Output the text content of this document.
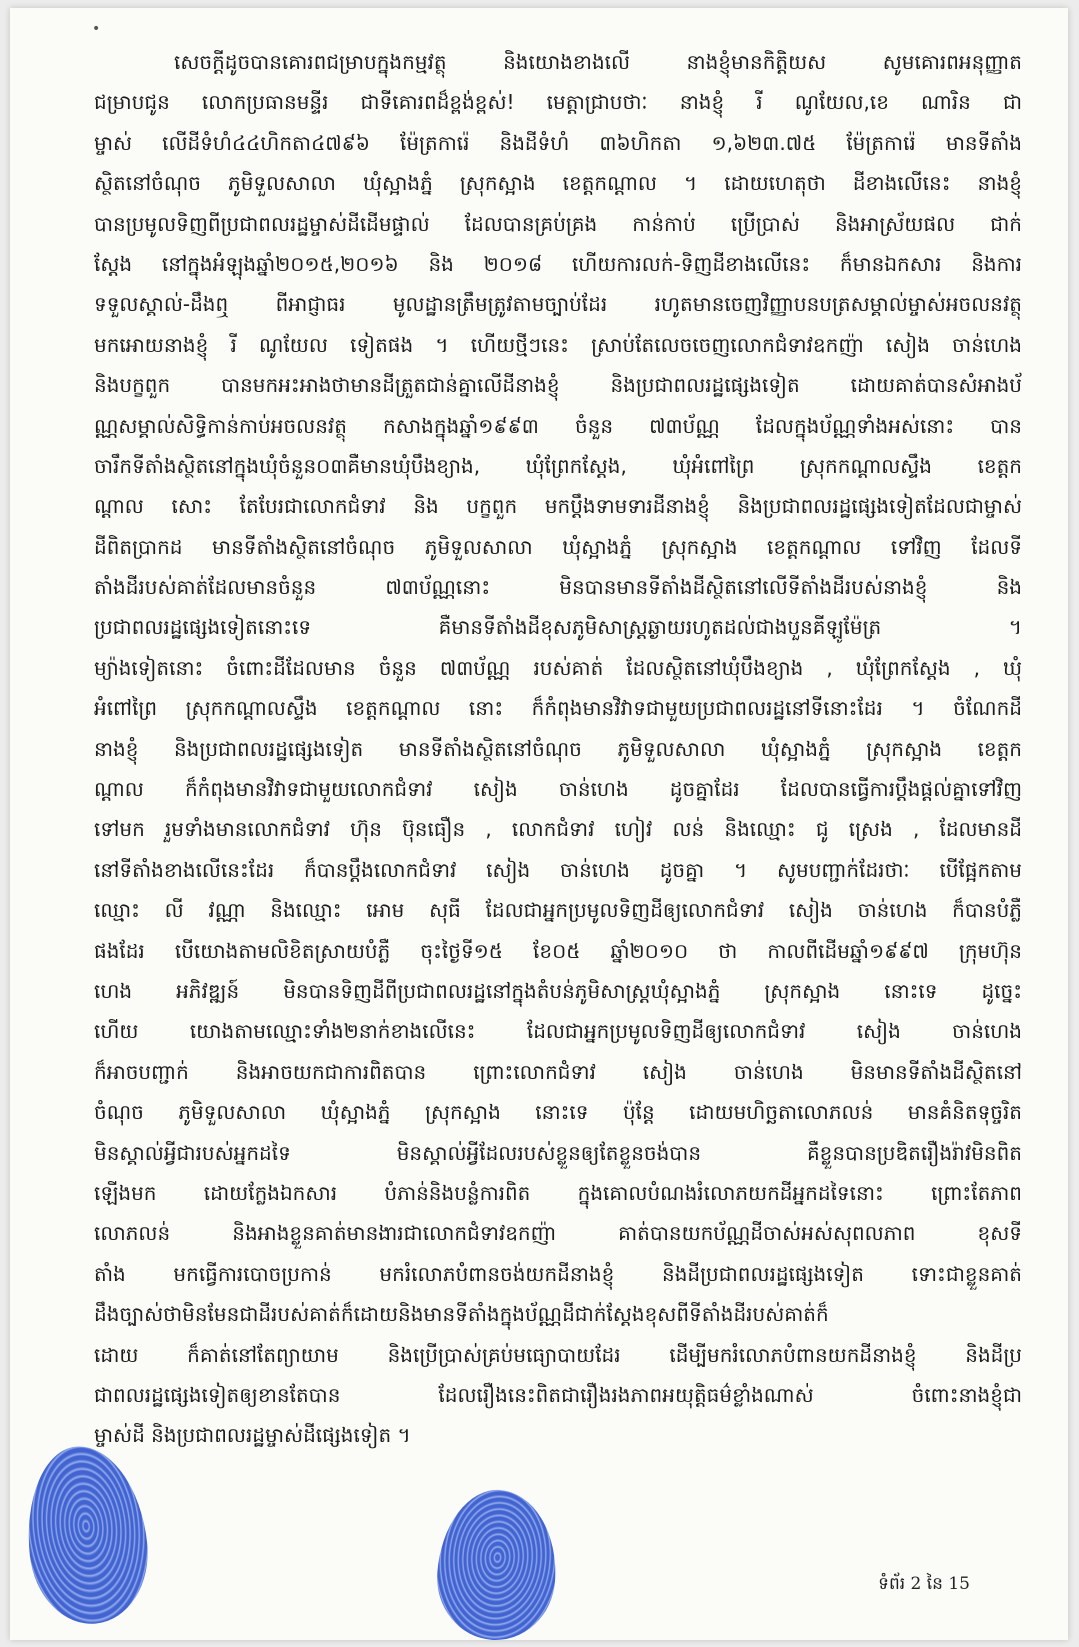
•
សេចក្តីដូចបានគោរពជម្រាបក្នុងកម្មវត្ថុ និងយោងខាងលើ នាងខ្ញុំមានកិត្តិយស សូមគោរពអនុញ្ញាត
ជម្រាបជូន លោកប្រធានមន្ទីរ ជាទីគោរពដ៏ខ្ពង់ខ្ពស់! មេត្តាជ្រាបថាៈ នាងខ្ញុំ រី ណូយែល,ខេ ណារិន ជា
ម្ចាស់ លើដីទំហំ៤៤ហិកតា៤៧៩៦ ម៉ែត្រការ៉េ និងដីទំហំ ៣៦ហិកតា ១,៦២៣.៧៥ ម៉ែត្រការ៉េ មានទីតាំង
ស្ថិតនៅចំណុច ភូមិទួលសាលា ឃុំស្អាងភ្នំ ស្រុកស្អាង ខេត្តកណ្តាល ។ ដោយហេតុថា ដីខាងលើនេះ នាងខ្ញុំ
បានប្រមូលទិញពីប្រជាពលរដ្ឋម្ចាស់ដីដើមផ្ទាល់ ដែលបានគ្រប់គ្រង កាន់កាប់ ប្រើប្រាស់ និងអាស្រ័យផល ជាក់
ស្តែង នៅក្នុងអំឡុងឆ្នាំ២០១៥,២០១៦ និង ២០១៨ ហើយការលក់-ទិញដីខាងលើនេះ ក៏មានឯកសារ និងការ
ទទួលស្គាល់-ដឹងឮ ពីអាជ្ញាធរ មូលដ្ឋានត្រឹមត្រូវតាមច្បាប់ដែរ រហូតមានចេញវិញ្ញាបនបត្រសម្គាល់ម្ចាស់អចលនវត្ថុ
មកអោយនាងខ្ញុំ រី ណូយែល ទៀតផង ។ ហើយថ្មីៗនេះ ស្រាប់តែលេចចេញលោកជំទាវឧកញ៉ា សៀង ចាន់ហេង
និងបក្ខពួក បានមកអះអាងថាមានដីត្រួតជាន់គ្នាលើដីនាងខ្ញុំ និងប្រជាពលរដ្ឋផ្សេងទៀត ដោយគាត់បានសំអាងប័
ណ្ណសម្គាល់សិទ្ធិកាន់កាប់អចលនវត្ថុ កសាងក្នុងឆ្នាំ១៩៩៣ ចំនួន ៧៣ប័ណ្ណ ដែលក្នុងប័ណ្ណទាំងអស់នោះ បាន
ចារឹកទីតាំងស្ថិតនៅក្នុងឃុំចំនួន០៣គឺមានឃុំបឹងខ្យាង, ឃុំព្រែកស្តែង, ឃុំអំពៅព្រៃ ស្រុកកណ្តាលស្ទឹង ខេត្តក
ណ្តាល សោះ តែបែរជាលោកជំទាវ និង បក្ខពួក មកប្តឹងទាមទារដីនាងខ្ញុំ និងប្រជាពលរដ្ឋផ្សេងទៀតដែលជាម្ចាស់
ដីពិតប្រាកដ មានទីតាំងស្ថិតនៅចំណុច ភូមិទួលសាលា ឃុំស្អាងភ្នំ ស្រុកស្អាង ខេត្តកណ្តាល ទៅវិញ ដែលទី
តាំងដីរបស់គាត់ដែលមានចំនួន ៧៣ប័ណ្ណនោះ មិនបានមានទីតាំងដីស្ថិតនៅលើទីតាំងដីរបស់នាងខ្ញុំ និង
ប្រជាពលរដ្ឋផ្សេងទៀតនោះទេ គឺមានទីតាំងដីខុសភូមិសាស្ត្រឆ្ងាយរហូតដល់ជាងបួនគីឡូម៉ែត្រ ។
ម្យ៉ាងទៀតនោះ ចំពោះដីដែលមាន ចំនួន ៧៣ប័ណ្ណ របស់គាត់ ដែលស្ថិតនៅឃុំបឹងខ្យាង , ឃុំព្រែកស្តែង , ឃុំ
អំពៅព្រៃ ស្រុកកណ្តាលស្ទឹង ខេត្តកណ្តាល នោះ ក៏កំពុងមានវិវាទជាមួយប្រជាពលរដ្ឋនៅទីនោះដែរ ។ ចំណែកដី
នាងខ្ញុំ និងប្រជាពលរដ្ឋផ្សេងទៀត មានទីតាំងស្ថិតនៅចំណុច ភូមិទួលសាលា ឃុំស្អាងភ្នំ ស្រុកស្អាង ខេត្តក
ណ្តាល ក៏កំពុងមានវិវាទជាមួយលោកជំទាវ សៀង ចាន់ហេង ដូចគ្នាដែរ ដែលបានធ្វើការប្តឹងផ្តល់គ្នាទៅវិញ
ទៅមក រួមទាំងមានលោកជំទាវ ហ៊ុន ប៊ុនធឿន , លោកជំទាវ ហៀវ លន់ និងឈ្មោះ ជូ ស្រេង , ដែលមានដី
នៅទីតាំងខាងលើនេះដែរ ក៏បានប្តឹងលោកជំទាវ សៀង ចាន់ហេង ដូចគ្នា ។ សូមបញ្ជាក់ដែរថាៈ បើផ្អែកតាម
ឈ្មោះ លី វណ្ណា និងឈ្មោះ អោម សុធី ដែលជាអ្នកប្រមូលទិញដីឲ្យលោកជំទាវ សៀង ចាន់ហេង ក៏បានបំភ្លឺ
ផងដែរ បើយោងតាមលិខិតស្រាយបំភ្លឺ ចុះថ្ងៃទី១៥ ខែ០៥ ឆ្នាំ២០១០ ថា កាលពីដើមឆ្នាំ១៩៩៧ ក្រុមហ៊ុន
ហេង អភិវឌ្ឍន៍ មិនបានទិញដីពីប្រជាពលរដ្ឋនៅក្នុងតំបន់ភូមិសាស្ត្រឃុំស្អាងភ្នំ ស្រុកស្អាង នោះទេ ដូច្នេះ
ហើយ យោងតាមឈ្មោះទាំង២នាក់ខាងលើនេះ ដែលជាអ្នកប្រមូលទិញដីឲ្យលោកជំទាវ សៀង ចាន់ហេង
ក៏អាចបញ្ជាក់ និងអាចយកជាការពិតបាន ព្រោះលោកជំទាវ សៀង ចាន់ហេង មិនមានទីតាំងដីស្ថិតនៅ
ចំណុច ភូមិទួលសាលា ឃុំស្អាងភ្នំ ស្រុកស្អាង នោះទេ ប៉ុន្តែ ដោយមហិច្ឆតាលោភលន់ មានគំនិតទុច្ចរិត
មិនស្គាល់អ្វីជារបស់អ្នកដទៃ មិនស្គាល់អ្វីដែលរបស់ខ្លួនឲ្យតែខ្លួនចង់បាន គឺខ្លួនបានប្រឌិតរឿងរ៉ាវមិនពិត
ឡើងមក ដោយក្លែងឯកសារ បំភាន់និងបន្លំការពិត ក្នុងគោលបំណងរំលោភយកដីអ្នកដទៃនោះ ព្រោះតែភាព
លោភលន់ និងអាងខ្លួនគាត់មានងារជាលោកជំទាវឧកញ៉ា គាត់បានយកប័ណ្ណដីចាស់អស់សុពលភាព ខុសទី
តាំង មកធ្វើការបោចប្រកាន់ មករំលោភបំពានចង់យកដីនាងខ្ញុំ និងដីប្រជាពលរដ្ឋផ្សេងទៀត ទោះជាខ្លួនគាត់
ដឹងច្បាស់ថាមិនមែនជាដីរបស់គាត់ក៏ដោយនិងមានទីតាំងក្នុងប័ណ្ណដីជាក់ស្តែងខុសពីទីតាំងដីរបស់គាត់ក៏
ដោយ ក៏គាត់នៅតែព្យាយាម និងប្រើប្រាស់គ្រប់មធ្យោបាយដែរ ដើម្បីមករំលោភបំពានយកដីនាងខ្ញុំ និងដីប្រ
ជាពលរដ្ឋផ្សេងទៀតឲ្យខានតែបាន ដែលរឿងនេះពិតជារឿងរងភាពអយុត្តិធម៌ខ្លាំងណាស់ ចំពោះនាងខ្ញុំជា
ម្ចាស់ដី និងប្រជាពលរដ្ឋម្ចាស់ដីផ្សេងទៀត ។
ទំព័រ 2 នៃ 15
